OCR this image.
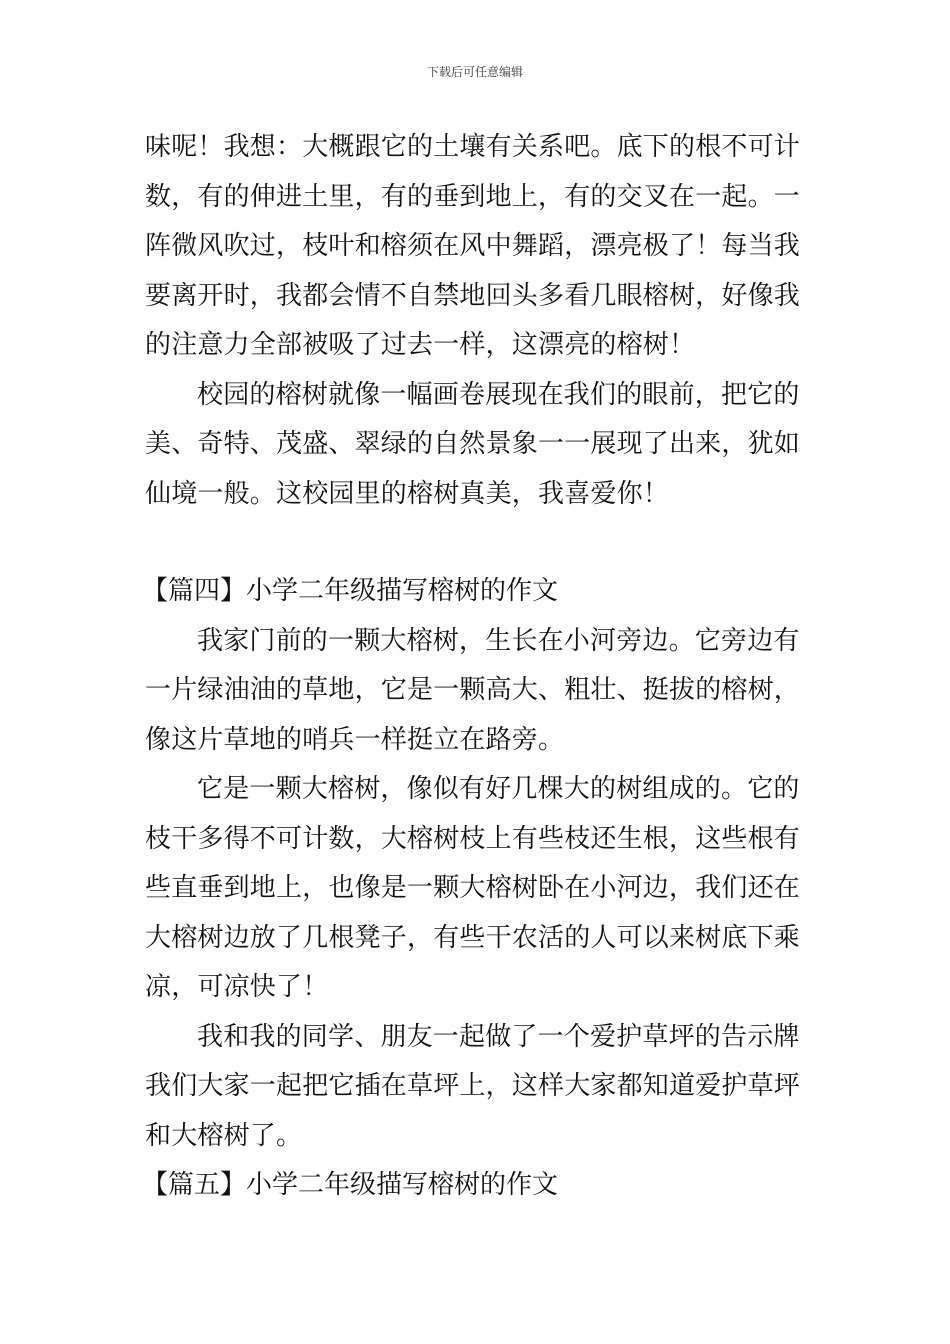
下载后可任意编辑
味呢！我想：大概跟它的土壤有关系吧。底下的根不可计
数，有的伸进土里，有的垂到地上，有的交叉在一起。一
阵微风吹过，枝叶和榕须在风中舞蹈，漂亮极了！每当我
要离开时，我都会情不自禁地回头多看几眼榕树，好像我
的注意力全部被吸了过去一样，这漂亮的榕树！
校园的榕树就像一幅画卷展现在我们的眼前，把它的
美、奇特、茂盛、翠绿的自然景象一一展现了出来，犹如
仙境一般。这校园里的榕树真美，我喜爱你！
【篇四】小学二年级描写榕树的作文
我家门前的一颗大榕树，生长在小河旁边。它旁边有
一片绿油油的草地，它是一颗高大、粗壮、挺拔的榕树，
像这片草地的哨兵一样挺立在路旁。
它是一颗大榕树，像似有好几棵大的树组成的。它的
枝干多得不可计数，大榕树枝上有些枝还生根，这些根有
些直垂到地上，也像是一颗大榕树卧在小河边，我们还在
大榕树边放了几根凳子，有些干农活的人可以来树底下乘
凉，可凉快了！
我和我的同学、朋友一起做了一个爱护草坪的告示牌
我们大家一起把它插在草坪上，这样大家都知道爱护草坪
和大榕树了。
【篇五】小学二年级描写榕树的作文
